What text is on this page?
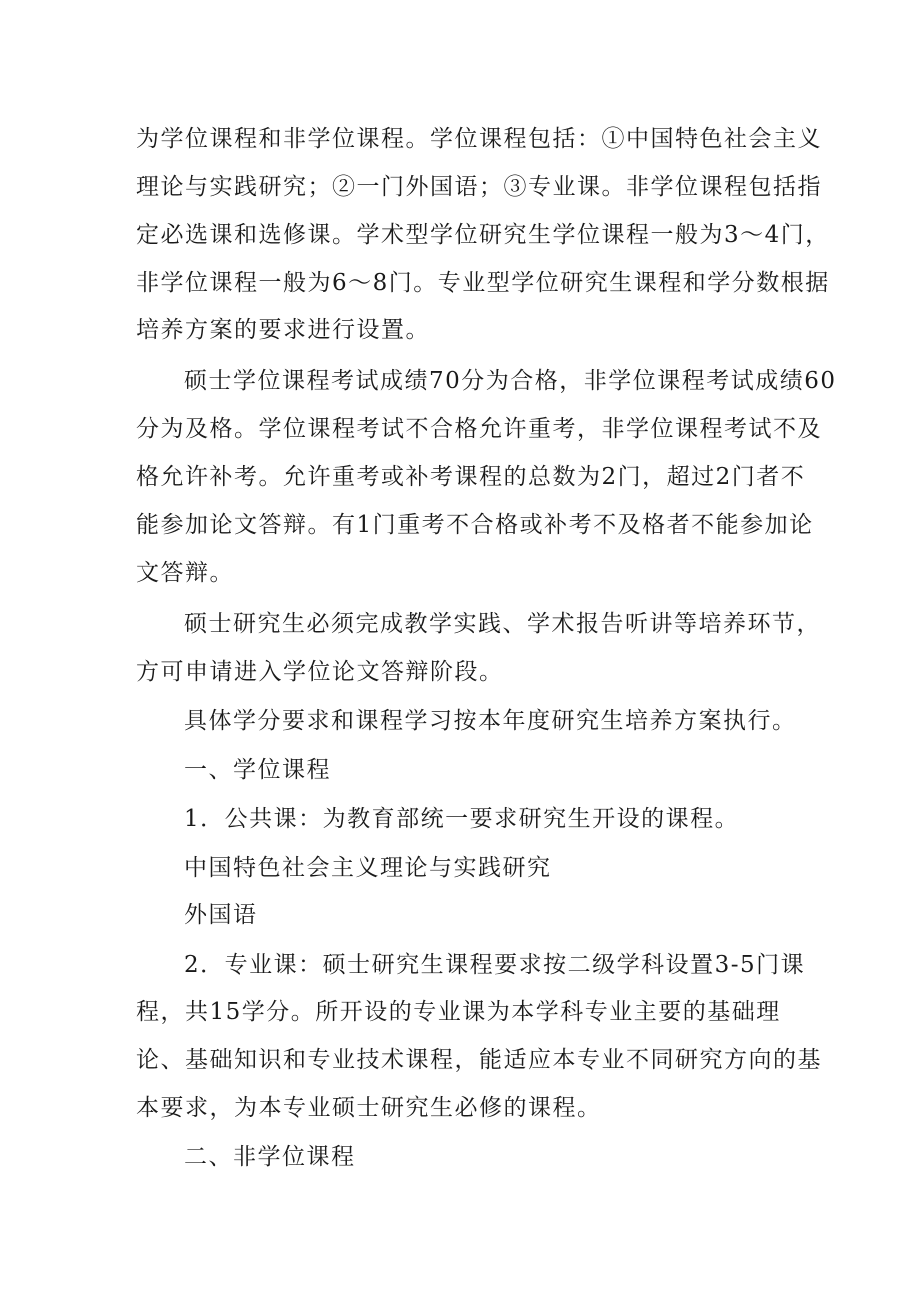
为学位课程和非学位课程。学位课程包括：①中国特色社会主义

理论与实践研究；②一门外国语；③专业课。非学位课程包括指

定必选课和选修课。学术型学位研究生学位课程一般为3～4门，

非学位课程一般为6～8门。专业型学位研究生课程和学分数根据

培养方案的要求进行设置。

硕士学位课程考试成绩70分为合格，非学位课程考试成绩60

分为及格。学位课程考试不合格允许重考，非学位课程考试不及

格允许补考。允许重考或补考课程的总数为2门，超过2门者不

能参加论文答辩。有1门重考不合格或补考不及格者不能参加论

文答辩。

硕士研究生必须完成教学实践、学术报告听讲等培养环节，

方可申请进入学位论文答辩阶段。

具体学分要求和课程学习按本年度研究生培养方案执行。

一、学位课程

1．公共课：为教育部统一要求研究生开设的课程。

中国特色社会主义理论与实践研究

外国语

2．专业课：硕士研究生课程要求按二级学科设置3-5门课

程，共15学分。所开设的专业课为本学科专业主要的基础理

论、基础知识和专业技术课程，能适应本专业不同研究方向的基

本要求，为本专业硕士研究生必修的课程。

二、非学位课程
